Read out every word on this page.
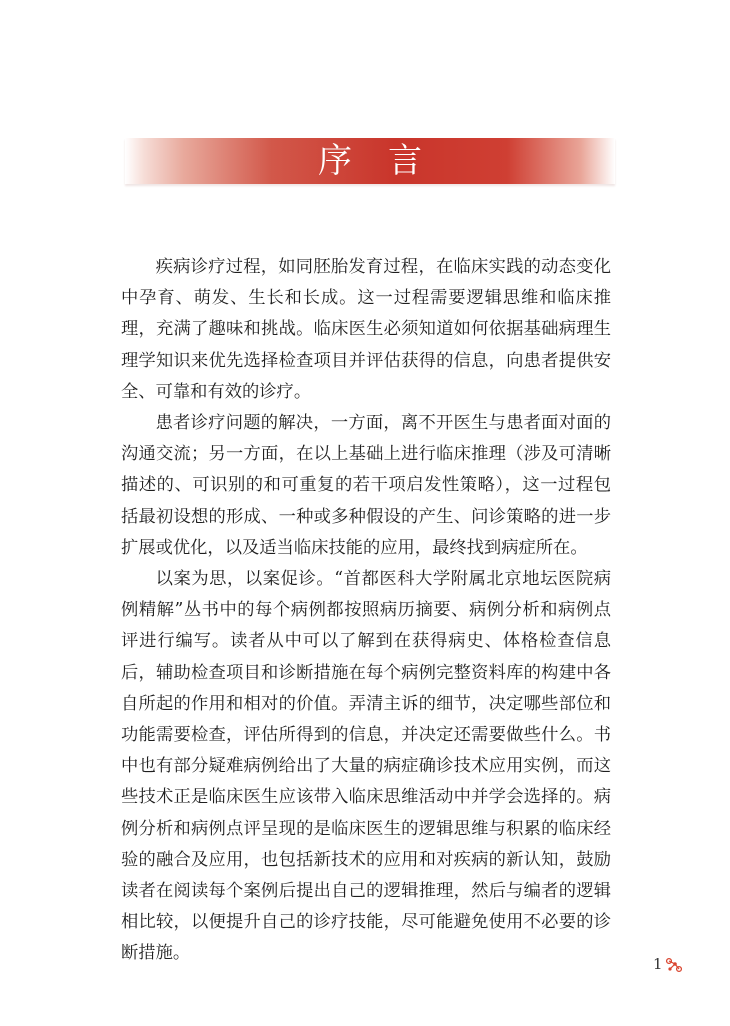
序言

疾病诊疗过程，如同胚胎发育过程，在临床实践的动态变化中孕育、萌发、生长和长成。这一过程需要逻辑思维和临床推理，充满了趣味和挑战。临床医生必须知道如何依据基础病理生理学知识来优先选择检查项目并评估获得的信息，向患者提供安全、可靠和有效的诊疗。

患者诊疗问题的解决，一方面，离不开医生与患者面对面的沟通交流；另一方面，在以上基础上进行临床推理（涉及可清晰描述的、可识别的和可重复的若干项启发性策略），这一过程包括最初设想的形成、一种或多种假设的产生、问诊策略的进一步扩展或优化，以及适当临床技能的应用，最终找到病症所在。

以案为思，以案促诊。“首都医科大学附属北京地坛医院病例精解”丛书中的每个病例都按照病历摘要、病例分析和病例点评进行编写。读者从中可以了解到在获得病史、体格检查信息后，辅助检查项目和诊断措施在每个病例完整资料库的构建中各自所起的作用和相对的价值。弄清主诉的细节，决定哪些部位和功能需要检查，评估所得到的信息，并决定还需要做些什么。书中也有部分疑难病例给出了大量的病症确诊技术应用实例，而这些技术正是临床医生应该带入临床思维活动中并学会选择的。病例分析和病例点评呈现的是临床医生的逻辑思维与积累的临床经验的融合及应用，也包括新技术的应用和对疾病的新认知，鼓励读者在阅读每个案例后提出自己的逻辑推理，然后与编者的逻辑相比较，以便提升自己的诊疗技能，尽可能避免使用不必要的诊断措施。

1
